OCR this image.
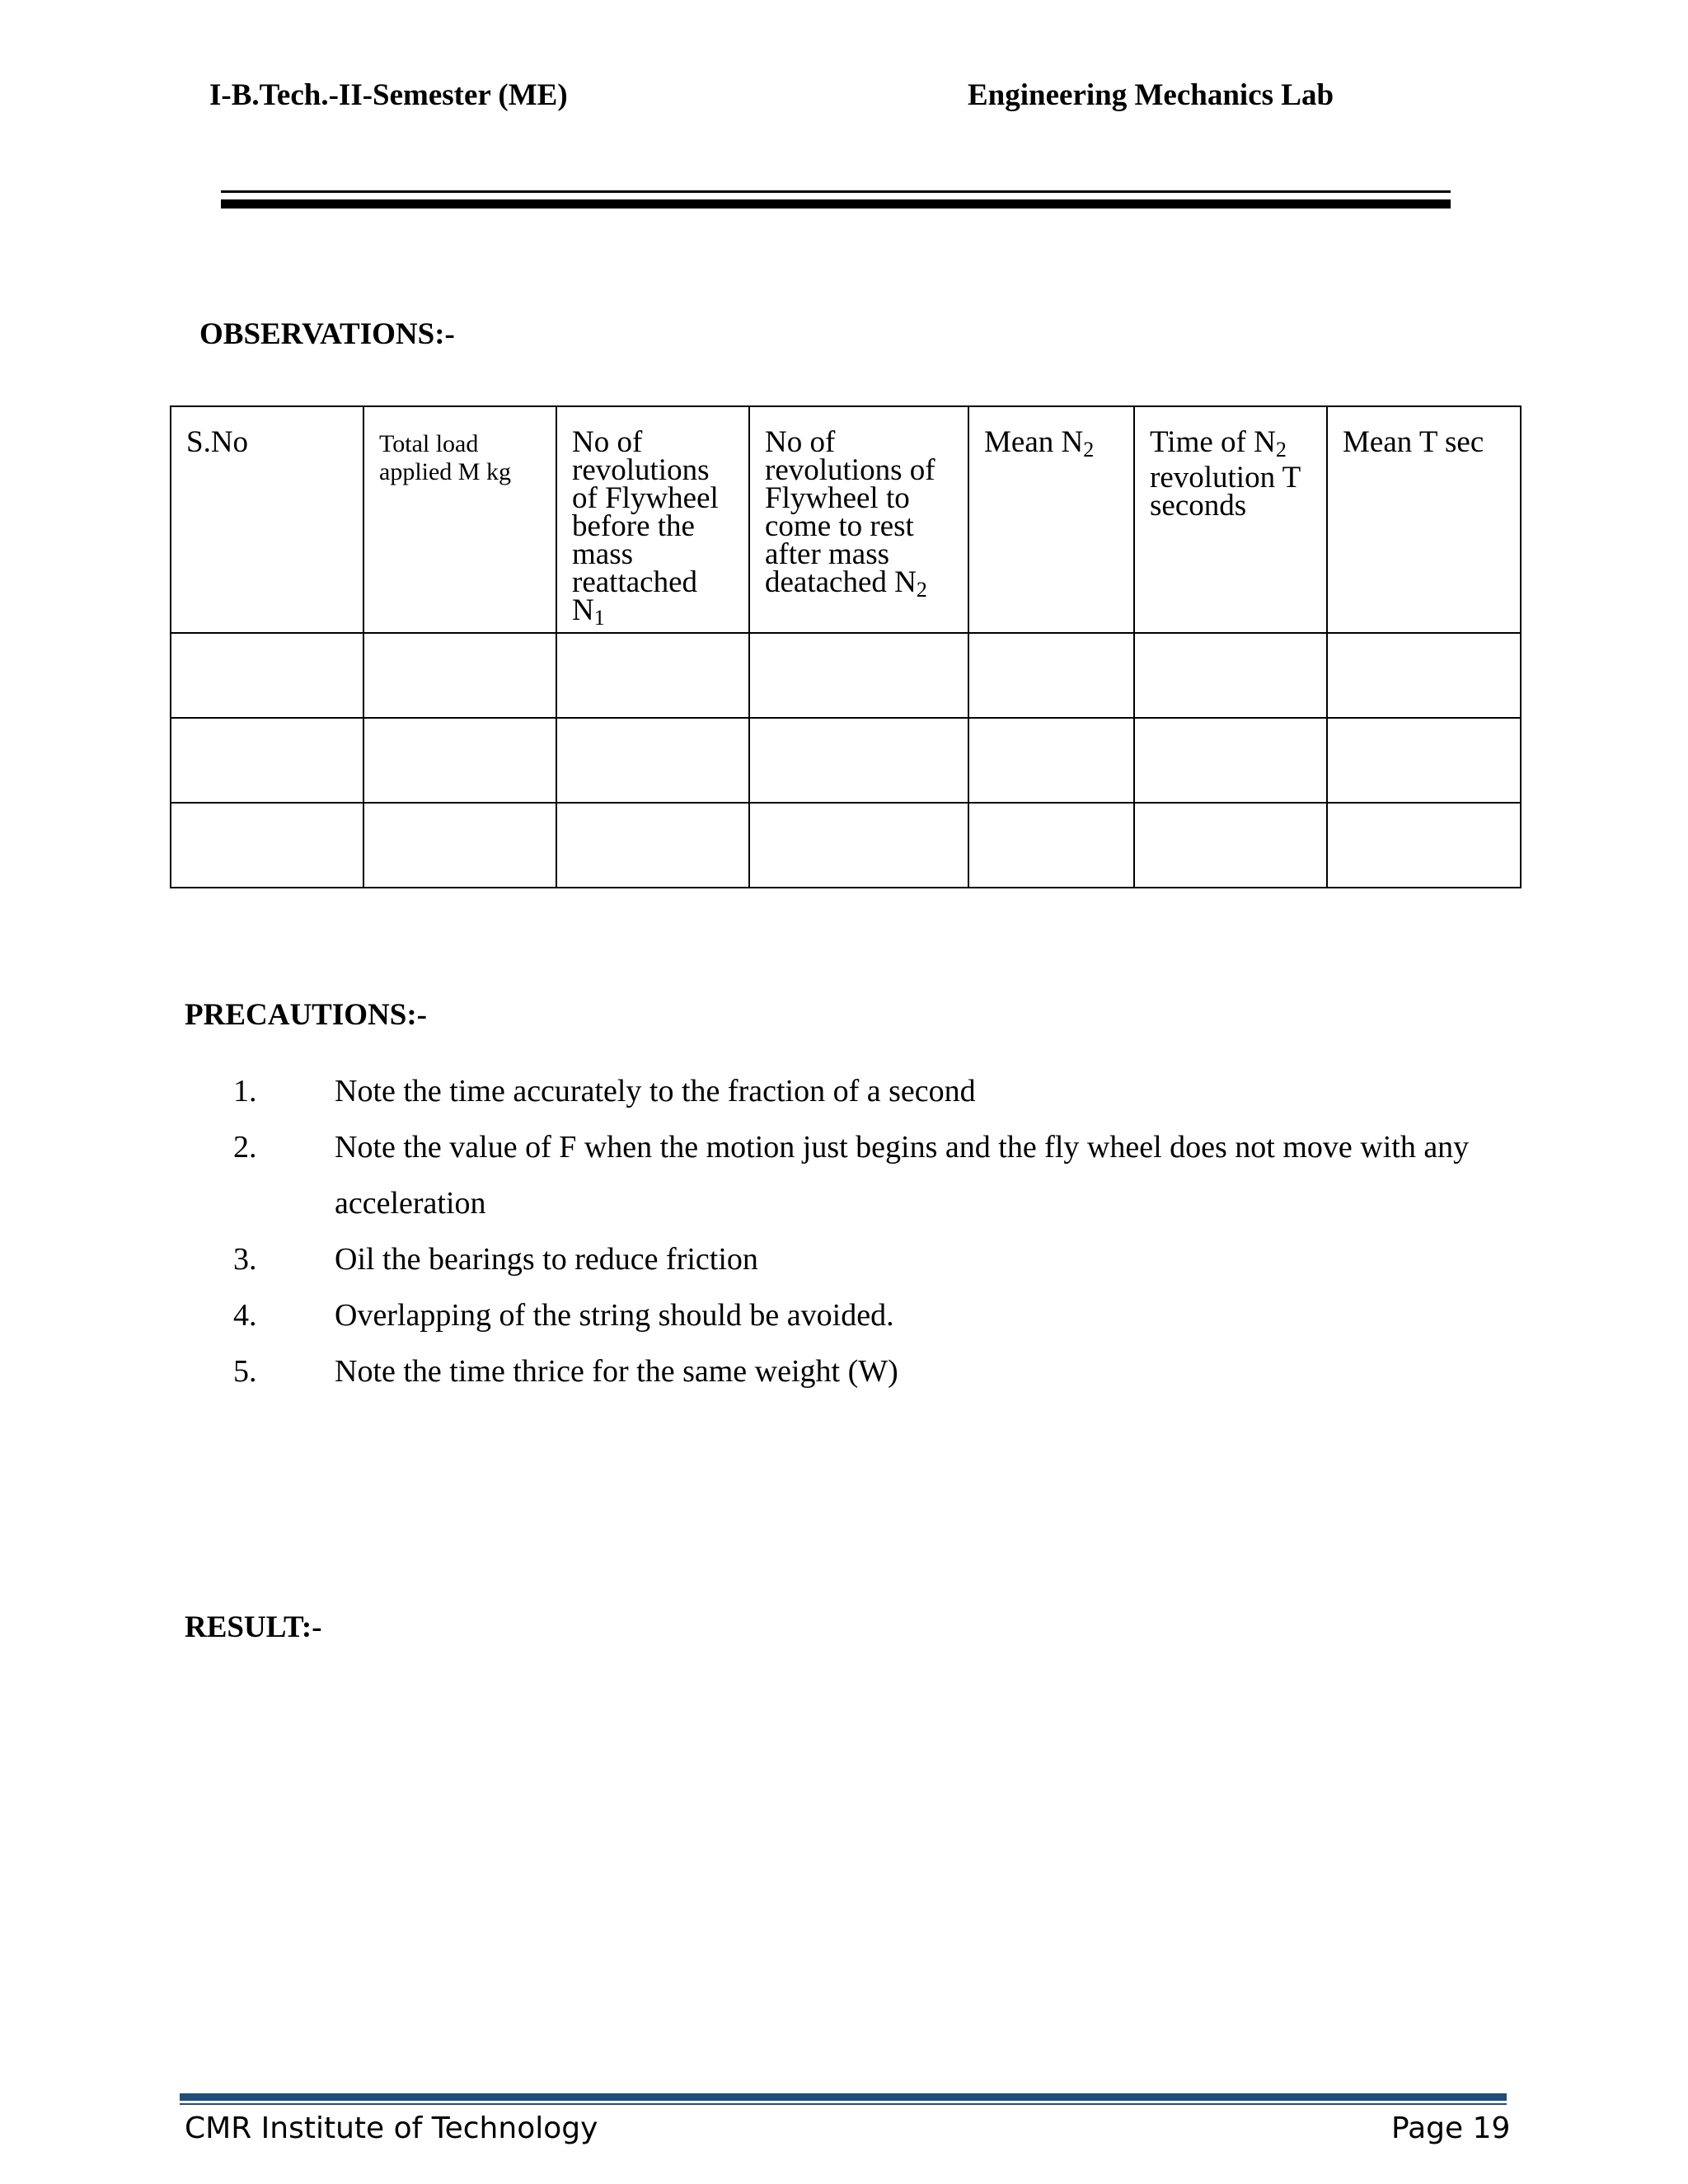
I-B.Tech.-II-Semester (ME)	Engineering Mechanics Lab
OBSERVATIONS:-
S.No	Total load applied M kg	No of revolutions of Flywheel before the mass reattached $N_1$	No of revolutions of Flywheel to come to rest after mass deatached $N_2$	Mean $N_2$	Time of $N_2$ revolution T seconds	Mean T sec

PRECAUTIONS:-
1. Note the time accurately to the fraction of a second
2. Note the value of F when the motion just begins and the fly wheel does not move with any acceleration
3. Oil the bearings to reduce friction
4. Overlapping of the string should be avoided.
5. Note the time thrice for the same weight (W)
RESULT:-
CMR Institute of Technology	Page 19
